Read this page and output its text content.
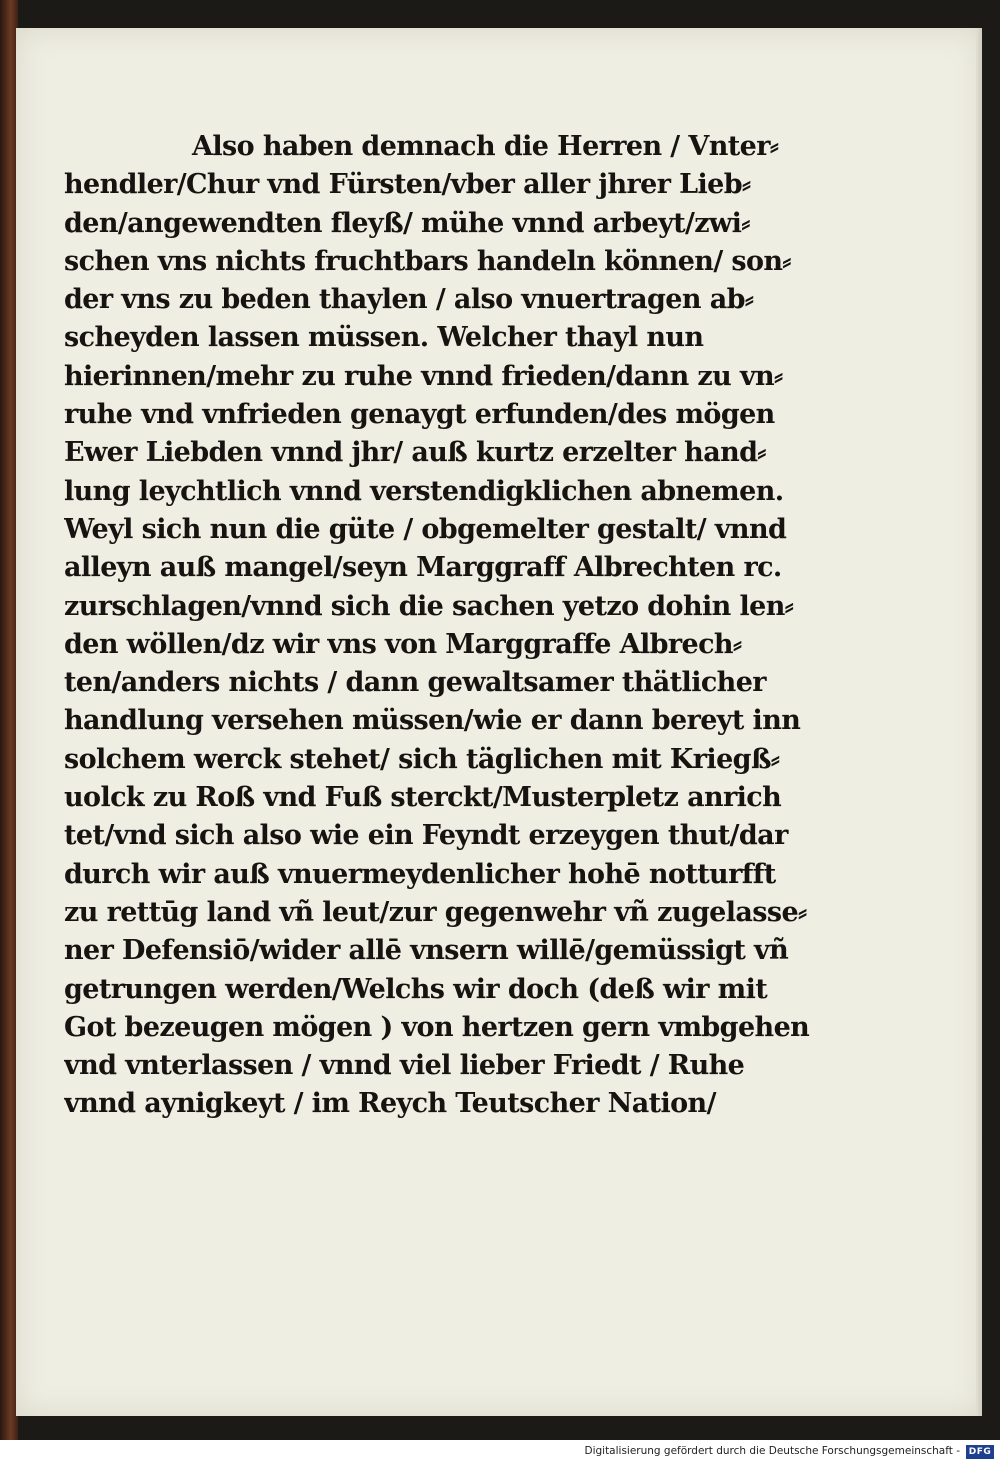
Also haben demnach die Herren / Vnter⸗
hendler/Chur vnd Fürsten/vber aller jhrer Lieb⸗
den/angewendten fleyß/ mühe vnnd arbeyt/zwi⸗
schen vns nichts fruchtbars handeln können/ son⸗
der vns zu beden thaylen / also vnuertragen ab⸗
scheyden lassen müssen. Welcher thayl nun
hierinnen/mehr zu ruhe vnnd frieden/dann zu vn⸗
ruhe vnd vnfrieden genaygt erfunden/des mögen
Ewer Liebden vnnd jhr/ auß kurtz erzelter hand⸗
lung leychtlich vnnd verstendigklichen abnemen.
Weyl sich nun die güte / obgemelter gestalt/ vnnd
alleyn auß mangel/seyn Marggraff Albrechten rc.
zurschlagen/vnnd sich die sachen yetzo dohin len⸗
den wöllen/dz wir vns von Marggraffe Albrech⸗
ten/anders nichts / dann gewaltsamer thätlicher
handlung versehen müssen/wie er dann bereyt inn
solchem werck stehet/ sich täglichen mit Kriegß⸗
uolck zu Roß vnd Fuß sterckt/Musterpletz anrich
tet/vnd sich also wie ein Feyndt erzeygen thut/dar
durch wir auß vnuermeydenlicher hohē notturfft
zu rettūg land vñ leut/zur gegenwehr vñ zugelasse⸗
ner Defensiō/wider allē vnsern willē/gemüssigt vñ
getrungen werden/Welchs wir doch (deß wir mit
Got bezeugen mögen ) von hertzen gern vmbgehen
vnd vnterlassen / vnnd viel lieber Friedt / Ruhe
vnnd aynigkeyt / im Reych Teutscher Nation/
Digitalisierung gefördert durch die Deutsche Forschungsgemeinschaft - DFG
